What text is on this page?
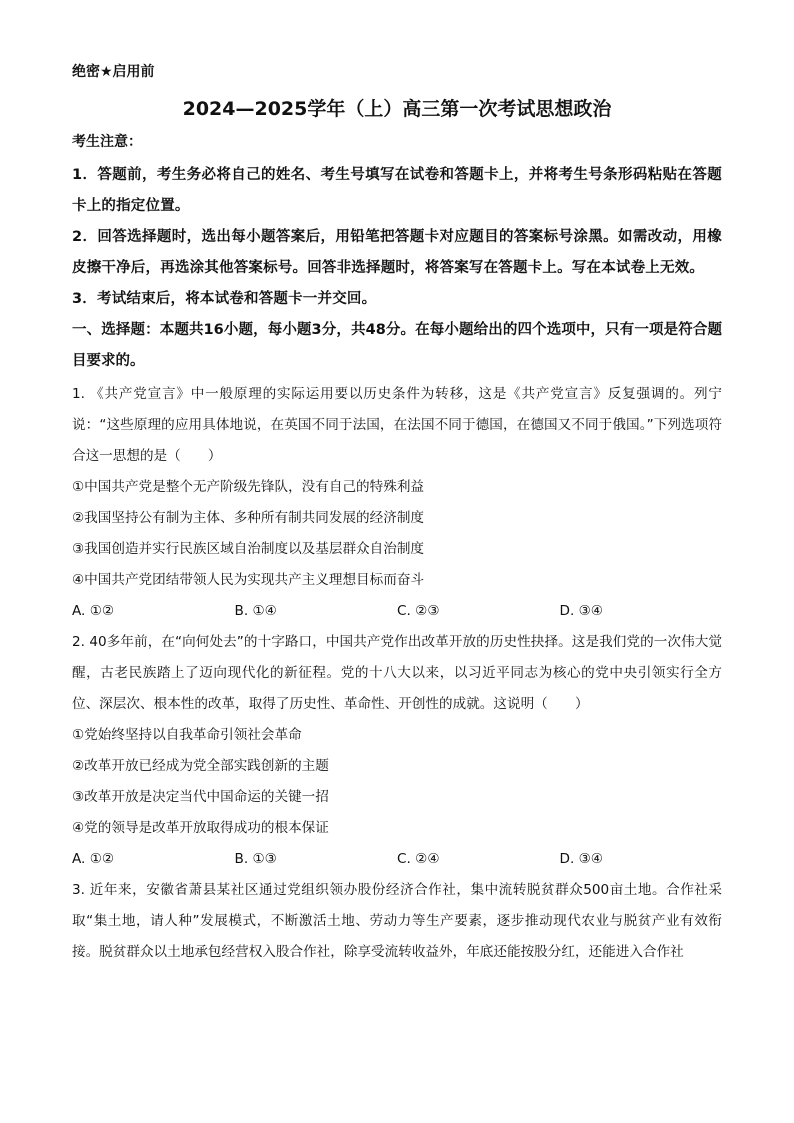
绝密★启用前
2024—2025学年（上）高三第一次考试思想政治
考生注意：

1．答题前，考生务必将自己的姓名、考生号填写在试卷和答题卡上，并将考生号条形码粘贴在答题卡上的指定位置。

2．回答选择题时，选出每小题答案后，用铅笔把答题卡对应题目的答案标号涂黑。如需改动，用橡皮擦干净后，再选涂其他答案标号。回答非选择题时，将答案写在答题卡上。写在本试卷上无效。

3．考试结束后，将本试卷和答题卡一并交回。

一、选择题：本题共16小题，每小题3分，共48分。在每小题给出的四个选项中，只有一项是符合题目要求的。

1. 《共产党宣言》中一般原理的实际运用要以历史条件为转移，这是《共产党宣言》反复强调的。列宁说：“这些原理的应用具体地说，在英国不同于法国，在法国不同于德国，在德国又不同于俄国。”下列选项符合这一思想的是（　　）

①中国共产党是整个无产阶级先锋队，没有自己的特殊利益

②我国坚持公有制为主体、多种所有制共同发展的经济制度

③我国创造并实行民族区域自治制度以及基层群众自治制度

④中国共产党团结带领人民为实现共产主义理想目标而奋斗

A. ①②	B. ①④	C. ②③	D. ③④

2. 40多年前，在“向何处去”的十字路口，中国共产党作出改革开放的历史性抉择。这是我们党的一次伟大觉醒，古老民族踏上了迈向现代化的新征程。党的十八大以来，以习近平同志为核心的党中央引领实行全方位、深层次、根本性的改革，取得了历史性、革命性、开创性的成就。这说明（　　）

①党始终坚持以自我革命引领社会革命

②改革开放已经成为党全部实践创新的主题

③改革开放是决定当代中国命运的关键一招

④党的领导是改革开放取得成功的根本保证

A. ①②	B. ①③	C. ②④	D. ③④

3. 近年来，安徽省萧县某社区通过党组织领办股份经济合作社，集中流转脱贫群众500亩土地。合作社采取“集土地，请人种”发展模式，不断激活土地、劳动力等生产要素，逐步推动现代农业与脱贫产业有效衔接。脱贫群众以土地承包经营权入股合作社，除享受流转收益外，年底还能按股分红，还能进入合作社
